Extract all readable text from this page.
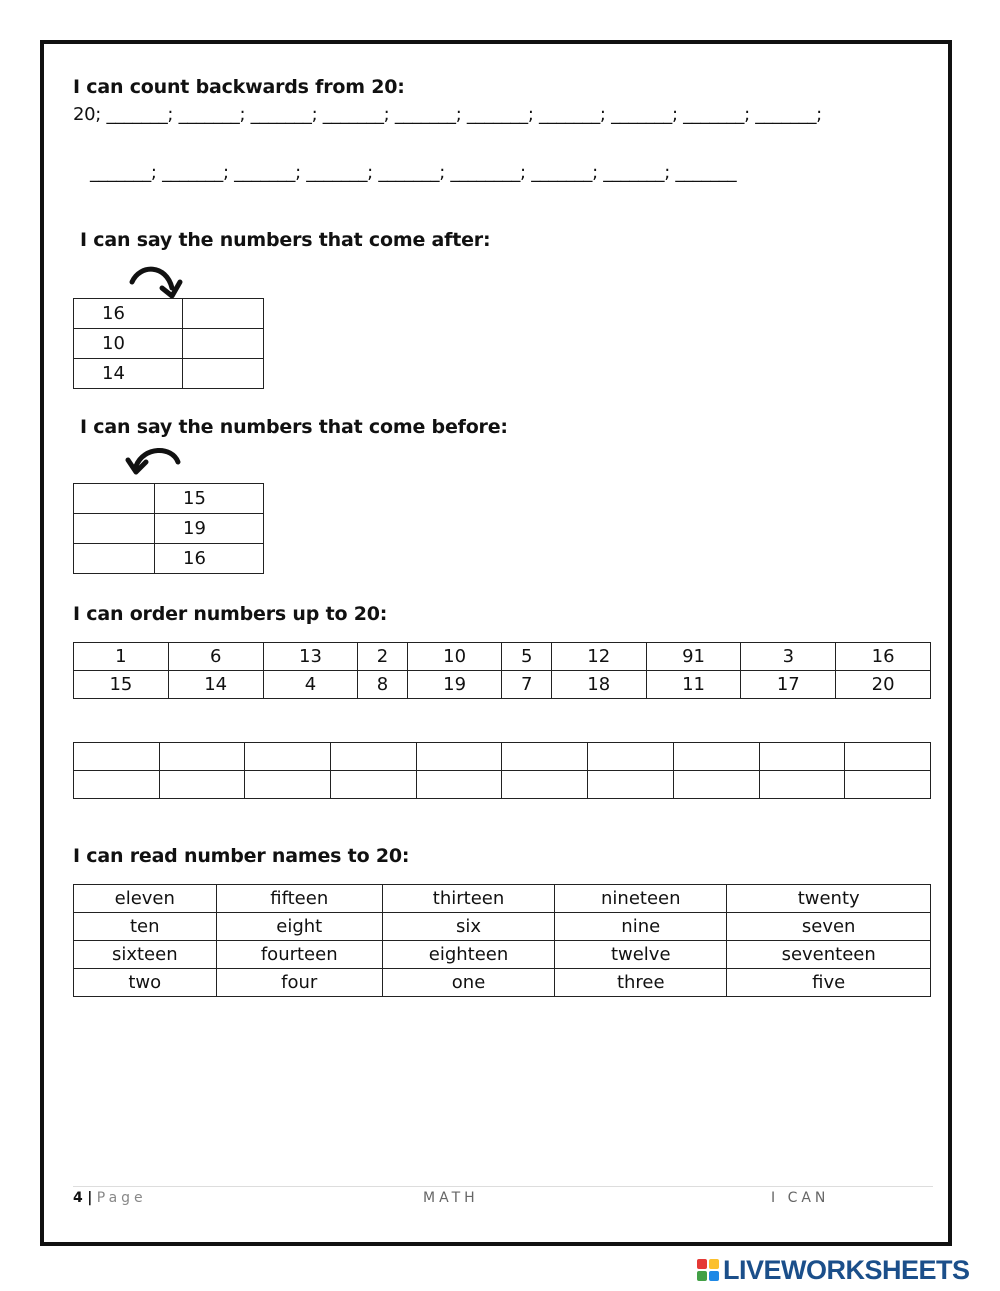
I can count backwards from 20:
20; _______; _______; _______; _______; _______; _______; _______; _______; _______; _______;
_______; _______; _______; _______; _______; ________; _______; _______; _______
I can say the numbers that come after:
16	
10	
14	
I can say the numbers that come before:
	15
	19
	16
I can order numbers up to 20:
1	6	13	2	10	5	12	91	3	16
15	14	4	8	19	7	18	11	17	20

I can read number names to 20:
eleven	fifteen	thirteen	nineteen	twenty
ten	eight	six	nine	seven
sixteen	fourteen	eighteen	twelve	seventeen
two	four	one	three	five
4 | Page	MATH	I CAN
LIVEWORKSHEETS
